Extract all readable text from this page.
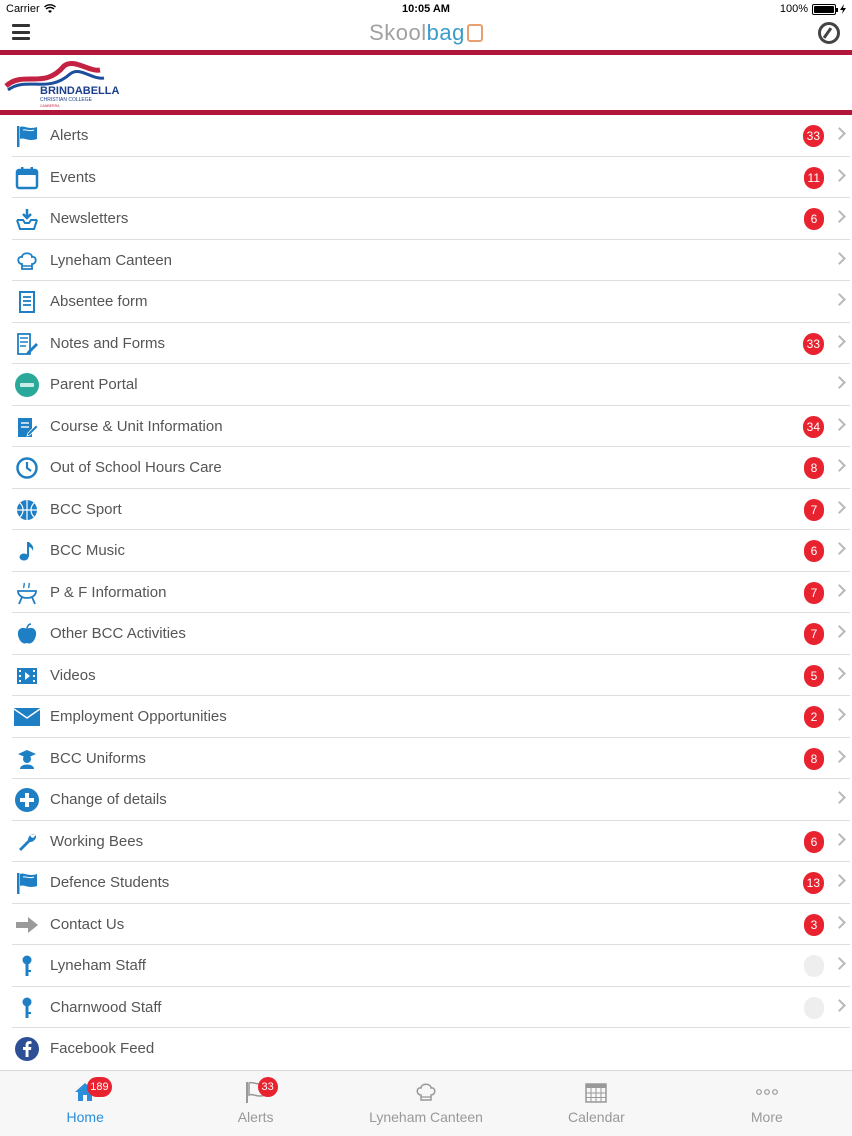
Carrier	10:05 AM	100%
Skoolbag
BRINDABELLA
CHRISTIAN COLLEGE
CANBERRA
Alerts	33
Events	11
Newsletters	6
Lyneham Canteen
Absentee form
Notes and Forms	33
Parent Portal
Course & Unit Information	34
Out of School Hours Care	8
BCC Sport	7
BCC Music	6
P & F Information	7
Other BCC Activities	7
Videos	5
Employment Opportunities	2
BCC Uniforms	8
Change of details
Working Bees	6
Defence Students	13
Contact Us	3
Lyneham Staff	0
Charnwood Staff	0
Facebook Feed
189
Home
33
Alerts	Lyneham Canteen	Calendar	More
